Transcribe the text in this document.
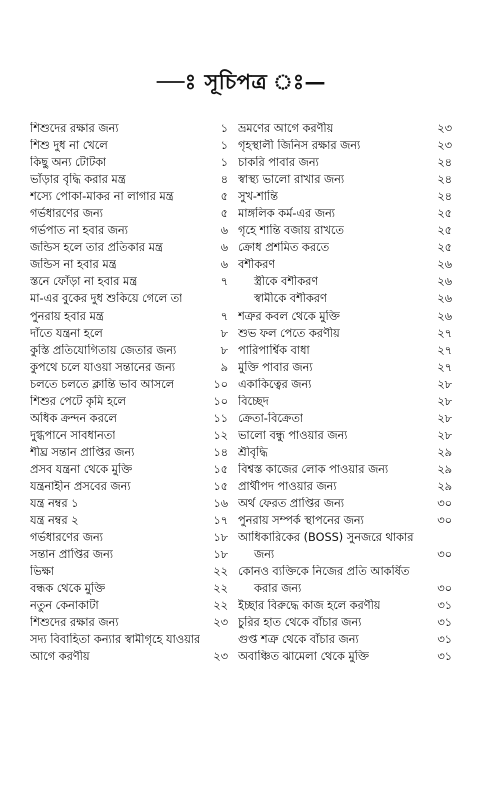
—ঃ সূচিপত্র ঃ—
শিশুদের রক্ষার জন্য	১
শিশু দুধ না খেলে	১
কিছু অন্য টোটকা	১
ভাঁড়ার বৃদ্ধি করার মন্ত্র	৪
শস্যে পোকা-মাকর না লাগার মন্ত্র	৫
গর্ভধারণের জন্য	৫
গর্ভপাত না হবার জন্য	৬
জন্ডিস হলে তার প্রতিকার মন্ত্র	৬
জন্ডিস না হবার মন্ত্র	৬
স্তনে ফোঁড়া না হবার মন্ত্র	৭
মা-এর বুকের দুধ শুকিয়ে গেলে তা
পুনরায় হবার মন্ত্র	৭
দাঁতে যন্ত্রনা হলে	৮
কুস্তি প্রতিযোগিতায় জেতার জন্য	৮
কুপথে চলে যাওয়া সন্তানের জন্য	৯
চলতে চলতে ক্লান্তি ভাব আসলে	১০
শিশুর পেটে কৃমি হলে	১০
অধিক ক্রন্দন করলে	১১
দুগ্ধপানে সাবধানতা	১২
শীঘ্র সন্তান প্রাপ্তির জন্য	১৪
প্রসব যন্ত্রনা থেকে মুক্তি	১৫
যন্ত্রনাহীন প্রসবের জন্য	১৫
যন্ত্র নম্বর ১	১৬
যন্ত্র নম্বর ২	১৭
গর্ভধারণের জন্য	১৮
সন্তান প্রাপ্তির জন্য	১৮
ভিক্ষা	২২
বন্ধক থেকে মুক্তি	২২
নতুন কেনাকাটা	২২
শিশুদের রক্ষার জন্য	২৩
সদ্য বিবাহিতা কন্যার স্বামীগৃহে যাওয়ার
আগে করণীয়	২৩
ভ্রমণের আগে করণীয়	২৩
গৃহস্থালী জিনিস রক্ষার জন্য	২৩
চাকরি পাবার জন্য	২৪
স্বাস্থ্য ভালো রাখার জন্য	২৪
সুখ-শান্তি	২৪
মাঙ্গলিক কর্ম-এর জন্য	২৫
গৃহে শান্তি বজায় রাখতে	২৫
ক্রোধ প্রশমিত করতে	২৫
বশীকরণ	২৬
স্ত্রীকে বশীকরণ	২৬
স্বামীকে বশীকরণ	২৬
শত্রুর কবল থেকে মুক্তি	২৬
শুভ ফল পেতে করণীয়	২৭
পারিপার্শ্বিক বাধা	২৭
মুক্তি পাবার জন্য	২৭
একাকিত্বের জন্য	২৮
বিচ্ছেদ	২৮
ক্রেতা-বিক্রেতা	২৮
ভালো বন্ধু পাওয়ার জন্য	২৮
শ্রীবৃদ্ধি	২৯
বিশ্বস্ত কাজের লোক পাওয়ার জন্য	২৯
প্রার্থীপদ পাওয়ার জন্য	২৯
অর্থ ফেরত প্রাপ্তির জন্য	৩০
পুনরায় সম্পর্ক স্থাপনের জন্য	৩০
আধিকারিকের (BOSS) সুনজরে থাকার
জন্য	৩০
কোনও ব্যক্তিকে নিজের প্রতি আকর্ষিত
করার জন্য	৩০
ইচ্ছার বিরুদ্ধে কাজ হলে করণীয়	৩১
চুরির হাত থেকে বাঁচার জন্য	৩১
গুপ্ত শত্রু থেকে বাঁচার জন্য	৩১
অবাঞ্চিত ঝামেলা থেকে মুক্তি	৩১
